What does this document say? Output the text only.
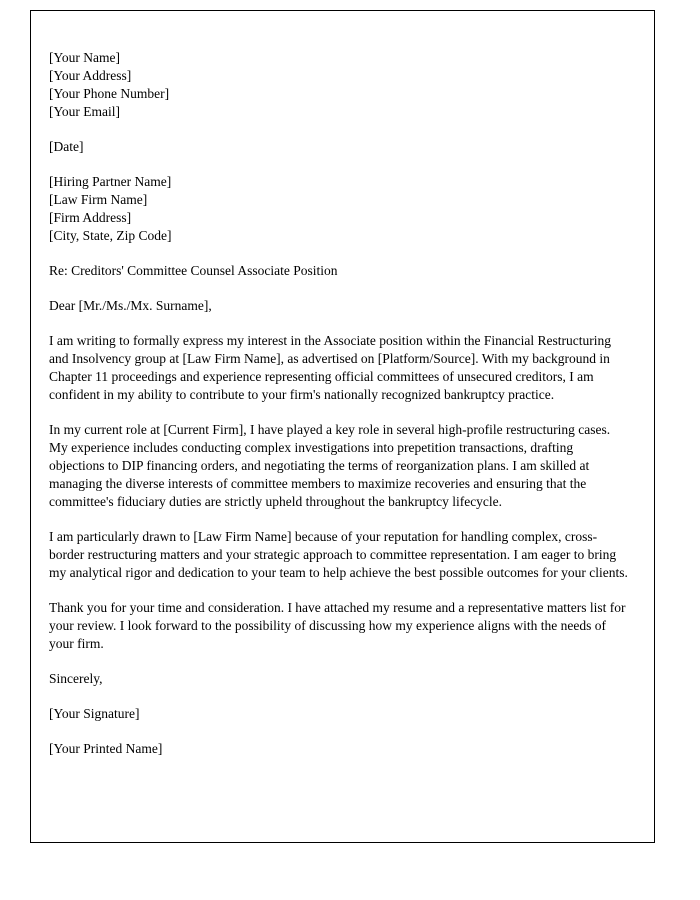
[Your Name]
[Your Address]
[Your Phone Number]
[Your Email]
[Date]
[Hiring Partner Name]
[Law Firm Name]
[Firm Address]
[City, State, Zip Code]
Re: Creditors' Committee Counsel Associate Position
Dear [Mr./Ms./Mx. Surname],

I am writing to formally express my interest in the Associate position within the Financial Restructuring and Insolvency group at [Law Firm Name], as advertised on [Platform/Source]. With my background in Chapter 11 proceedings and experience representing official committees of unsecured creditors, I am confident in my ability to contribute to your firm's nationally recognized bankruptcy practice.

In my current role at [Current Firm], I have played a key role in several high-profile restructuring cases. My experience includes conducting complex investigations into prepetition transactions, drafting objections to DIP financing orders, and negotiating the terms of reorganization plans. I am skilled at managing the diverse interests of committee members to maximize recoveries and ensuring that the committee's fiduciary duties are strictly upheld throughout the bankruptcy lifecycle.

I am particularly drawn to [Law Firm Name] because of your reputation for handling complex, cross-border restructuring matters and your strategic approach to committee representation. I am eager to bring my analytical rigor and dedication to your team to help achieve the best possible outcomes for your clients.

Thank you for your time and consideration. I have attached my resume and a representative matters list for your review. I look forward to the possibility of discussing how my experience aligns with the needs of your firm.

Sincerely,
[Your Signature]
[Your Printed Name]
